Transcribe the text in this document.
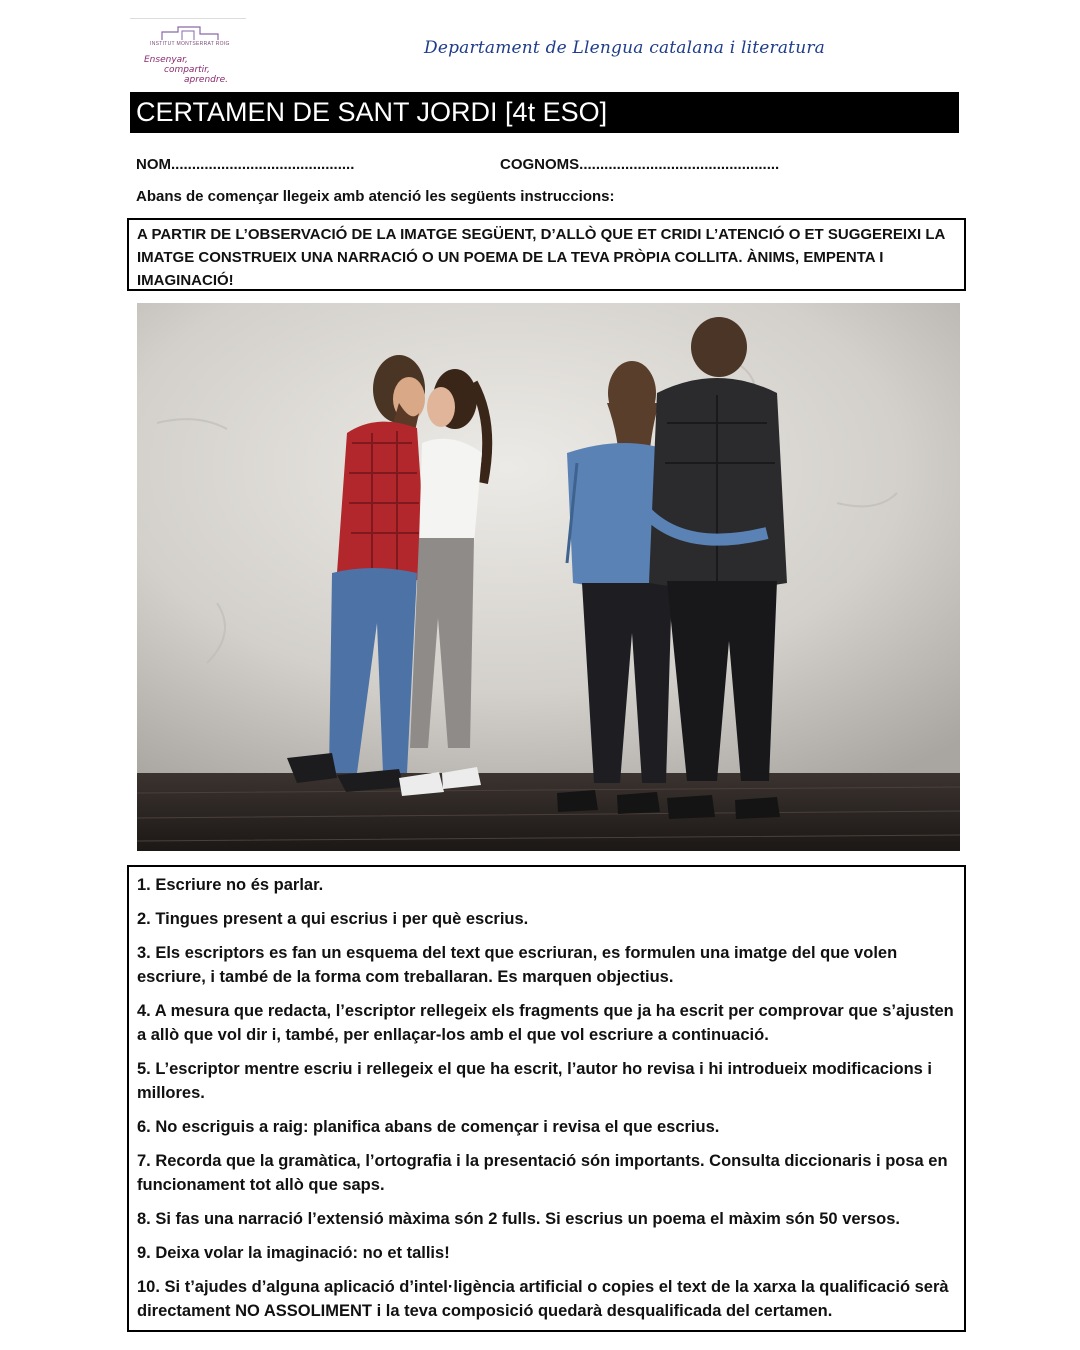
INSTITUT MONTSERRAT ROIG
Ensenyar,
compartir,
aprendre.
Departament de Llengua catalana i literatura
CERTAMEN DE SANT JORDI [4t ESO]
NOM............................................	COGNOMS................................................
Abans de començar llegeix amb atenció les següents instruccions:
A PARTIR DE L’OBSERVACIÓ DE LA IMATGE SEGÜENT, D’ALLÒ QUE ET CRIDI L’ATENCIÓ O ET SUGGEREIXI LA IMATGE CONSTRUEIX UNA NARRACIÓ O UN POEMA DE LA TEVA PRÒPIA COLLITA. ÀNIMS, EMPENTA I IMAGINACIÓ!
1. Escriure no és parlar.
2. Tingues present a qui escrius i per què escrius.
3. Els escriptors es fan un esquema del text que escriuran, es formulen una imatge del que volen escriure, i també de la forma com treballaran. Es marquen objectius.
4. A mesura que redacta, l’escriptor rellegeix els fragments que ja ha escrit per comprovar que s’ajusten a allò que vol dir i, també, per enllaçar-los amb el que vol escriure a continuació.
5. L’escriptor mentre escriu i rellegeix el que ha escrit, l’autor ho revisa i hi introdueix modificacions i millores.
6. No escriguis a raig: planifica abans de començar i revisa el que escrius.
7. Recorda que la gramàtica, l’ortografia i la presentació són importants. Consulta diccionaris i posa en funcionament tot allò que saps.
8. Si fas una narració l’extensió màxima són 2 fulls. Si escrius un poema el màxim són 50 versos.
9. Deixa volar la imaginació: no et tallis!
10. Si t’ajudes d’alguna aplicació d’intel·ligència artificial o copies el text de la xarxa la qualificació serà directament NO ASSOLIMENT i la teva composició quedarà desqualificada del certamen.
